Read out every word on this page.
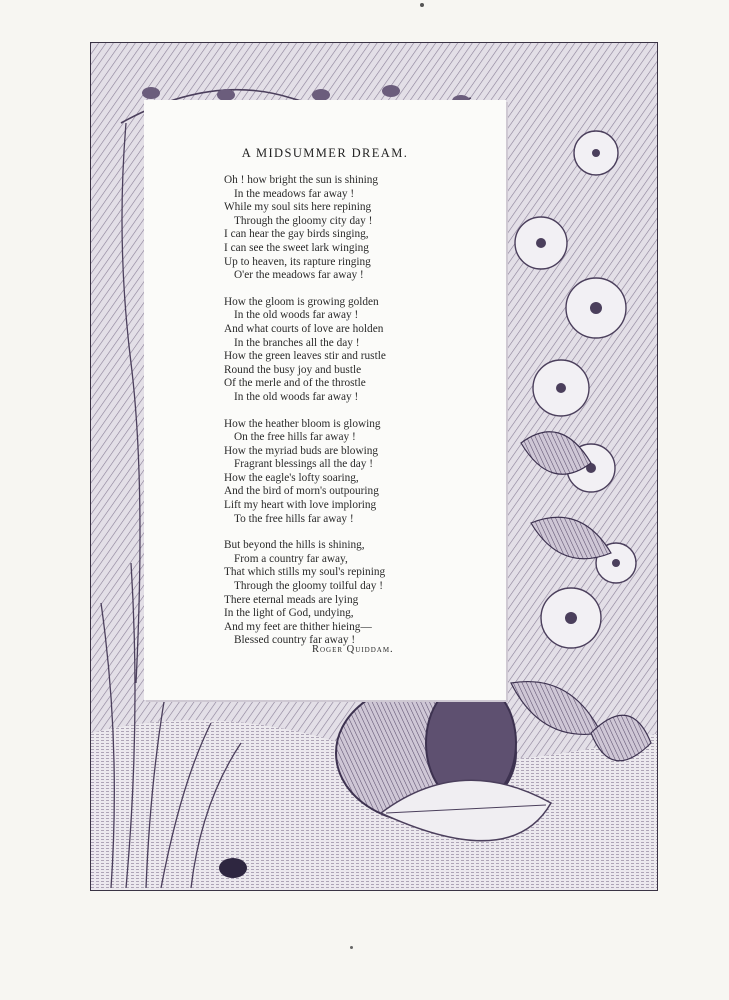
A MIDSUMMER DREAM.
Oh ! how bright the sun is shining
In the meadows far away !
While my soul sits here repining
Through the gloomy city day !
I can hear the gay birds singing,
I can see the sweet lark winging
Up to heaven, its rapture ringing
O'er the meadows far away !
How the gloom is growing golden
In the old woods far away !
And what courts of love are holden
In the branches all the day !
How the green leaves stir and rustle
Round the busy joy and bustle
Of the merle and of the throstle
In the old woods far away !
How the heather bloom is glowing
On the free hills far away !
How the myriad buds are blowing
Fragrant blessings all the day !
How the eagle's lofty soaring,
And the bird of morn's outpouring
Lift my heart with love imploring
To the free hills far away !
But beyond the hills is shining,
From a country far away,
That which stills my soul's repining
Through the gloomy toilful day !
There eternal meads are lying
In the light of God, undying,
And my feet are thither hieing—
Blessed country far away !
Roger Quiddam.
